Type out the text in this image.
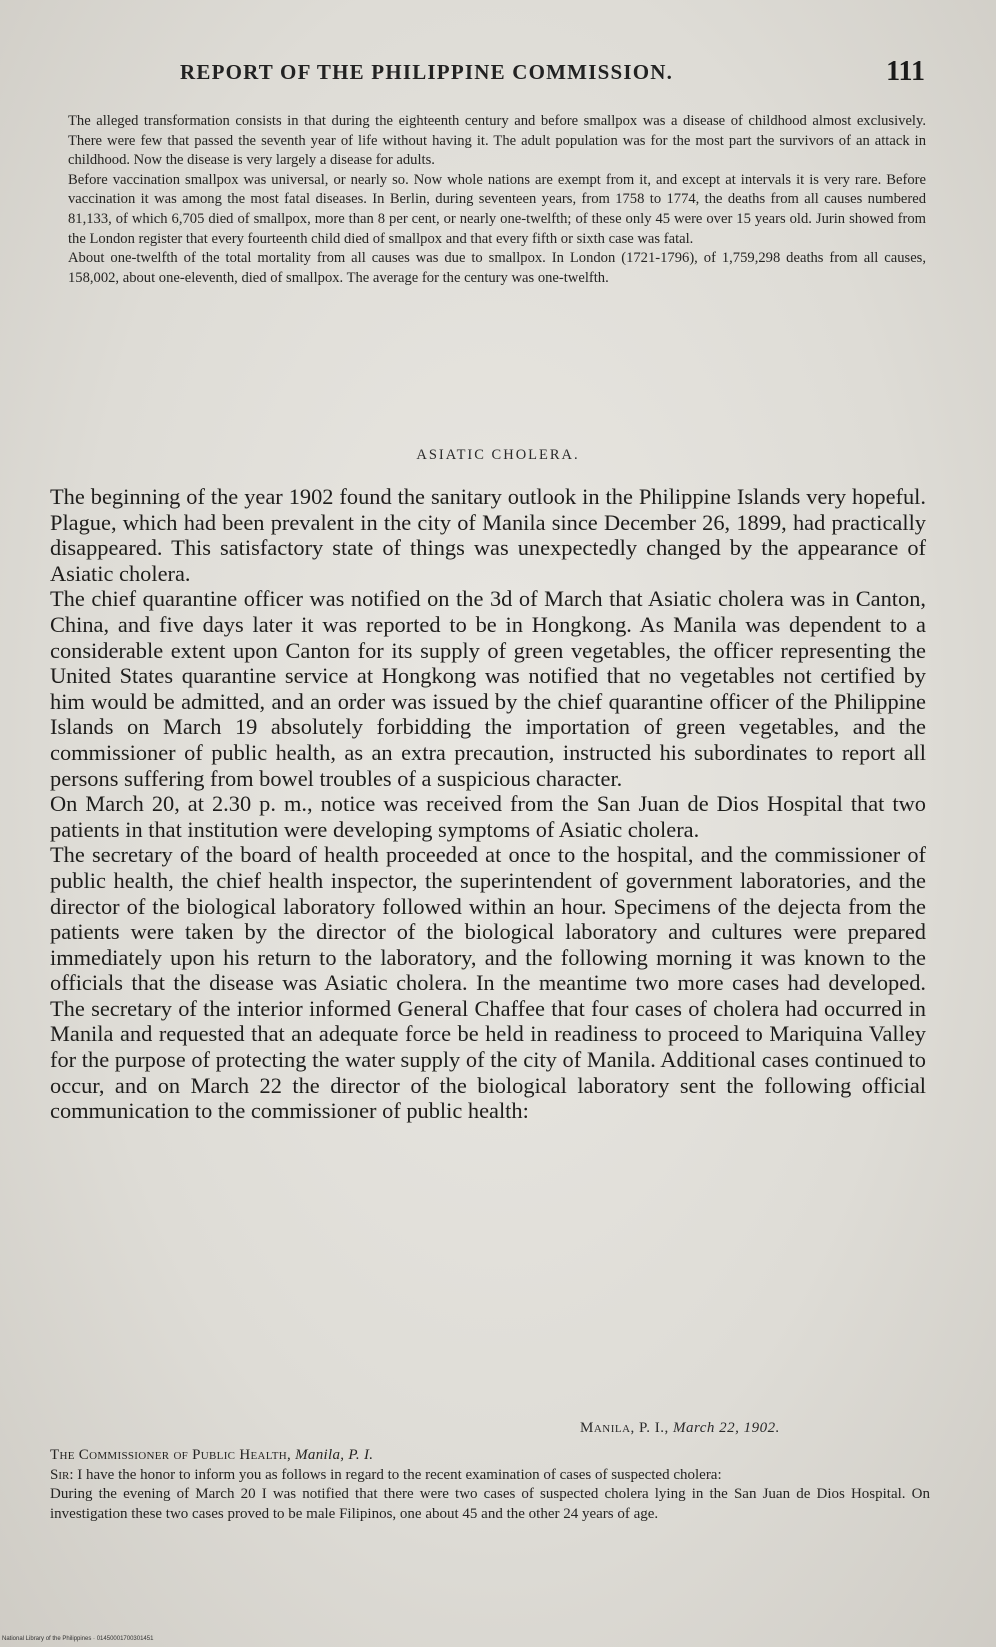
REPORT OF THE PHILIPPINE COMMISSION.	111

The alleged transformation consists in that during the eighteenth century and before smallpox was a disease of childhood almost exclusively. There were few that passed the seventh year of life without having it. The adult population was for the most part the survivors of an attack in childhood. Now the disease is very largely a disease for adults.

Before vaccination smallpox was universal, or nearly so. Now whole nations are exempt from it, and except at intervals it is very rare. Before vaccination it was among the most fatal diseases. In Berlin, during seventeen years, from 1758 to 1774, the deaths from all causes numbered 81,133, of which 6,705 died of smallpox, more than 8 per cent, or nearly one-twelfth; of these only 45 were over 15 years old. Jurin showed from the London register that every fourteenth child died of smallpox and that every fifth or sixth case was fatal.

About one-twelfth of the total mortality from all causes was due to smallpox. In London (1721-1796), of 1,759,298 deaths from all causes, 158,002, about one-eleventh, died of smallpox. The average for the century was one-twelfth.

ASIATIC CHOLERA.

The beginning of the year 1902 found the sanitary outlook in the Philippine Islands very hopeful. Plague, which had been prevalent in the city of Manila since December 26, 1899, had practically disappeared. This satisfactory state of things was unexpectedly changed by the appearance of Asiatic cholera.

The chief quarantine officer was notified on the 3d of March that Asiatic cholera was in Canton, China, and five days later it was reported to be in Hongkong. As Manila was dependent to a considerable extent upon Canton for its supply of green vegetables, the officer representing the United States quarantine service at Hongkong was notified that no vegetables not certified by him would be admitted, and an order was issued by the chief quarantine officer of the Philippine Islands on March 19 absolutely forbidding the importation of green vegetables, and the commissioner of public health, as an extra precaution, instructed his subordinates to report all persons suffering from bowel troubles of a suspicious character.

On March 20, at 2.30 p. m., notice was received from the San Juan de Dios Hospital that two patients in that institution were developing symptoms of Asiatic cholera.

The secretary of the board of health proceeded at once to the hospital, and the commissioner of public health, the chief health inspector, the superintendent of government laboratories, and the director of the biological laboratory followed within an hour. Specimens of the dejecta from the patients were taken by the director of the biological laboratory and cultures were prepared immediately upon his return to the laboratory, and the following morning it was known to the officials that the disease was Asiatic cholera. In the meantime two more cases had developed. The secretary of the interior informed General Chaffee that four cases of cholera had occurred in Manila and requested that an adequate force be held in readiness to proceed to Mariquina Valley for the purpose of protecting the water supply of the city of Manila. Additional cases continued to occur, and on March 22 the director of the biological laboratory sent the following official communication to the commissioner of public health:

Manila, P. I., March 22, 1902.

The Commissioner of Public Health, Manila, P. I.

Sir: I have the honor to inform you as follows in regard to the recent examination of cases of suspected cholera:

During the evening of March 20 I was notified that there were two cases of suspected cholera lying in the San Juan de Dios Hospital. On investigation these two cases proved to be male Filipinos, one about 45 and the other 24 years of age.

National Library of the Philippines · 01450001700301451
